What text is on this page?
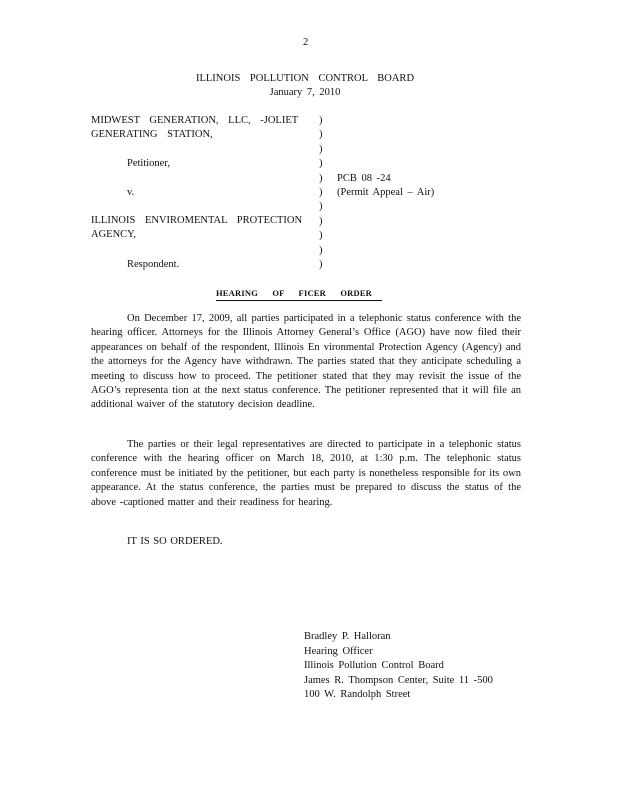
2
ILLINOIS POLLUTION CONTROL BOARD
January 7, 2010
MIDWEST GENERATION, LLC, -JOLIET
GENERATING STATION,
Petitioner,
v.
ILLINOIS ENVIROMENTAL PROTECTION
AGENCY,
Respondent.
)
)
)
)
)
)
)
)
)
)
)
PCB 08 -24
(Permit Appeal – Air)
HEARING OF FICER ORDER
On December 17, 2009, all parties participated in a telephonic status conference with the hearing officer. Attorneys for the Illinois Attorney General’s Office (AGO) have now filed their appearances on behalf of the respondent, Illinois En vironmental Protection Agency (Agency) and the attorneys for the Agency have withdrawn. The parties stated that they anticipate scheduling a meeting to discuss how to proceed. The petitioner stated that they may revisit the issue of the AGO’s representa tion at the next status conference. The petitioner represented that it will file an additional waiver of the statutory decision deadline.
The parties or their legal representatives are directed to participate in a telephonic status conference with the hearing officer on March 18, 2010, at 1:30 p.m. The telephonic status conference must be initiated by the petitioner, but each party is nonetheless responsible for its own appearance. At the status conference, the parties must be prepared to discuss the status of the above -captioned matter and their readiness for hearing.
IT IS SO ORDERED.
Bradley P. Halloran
Hearing Officer
Illinois Pollution Control Board
James R. Thompson Center, Suite 11 -500
100 W. Randolph Street
